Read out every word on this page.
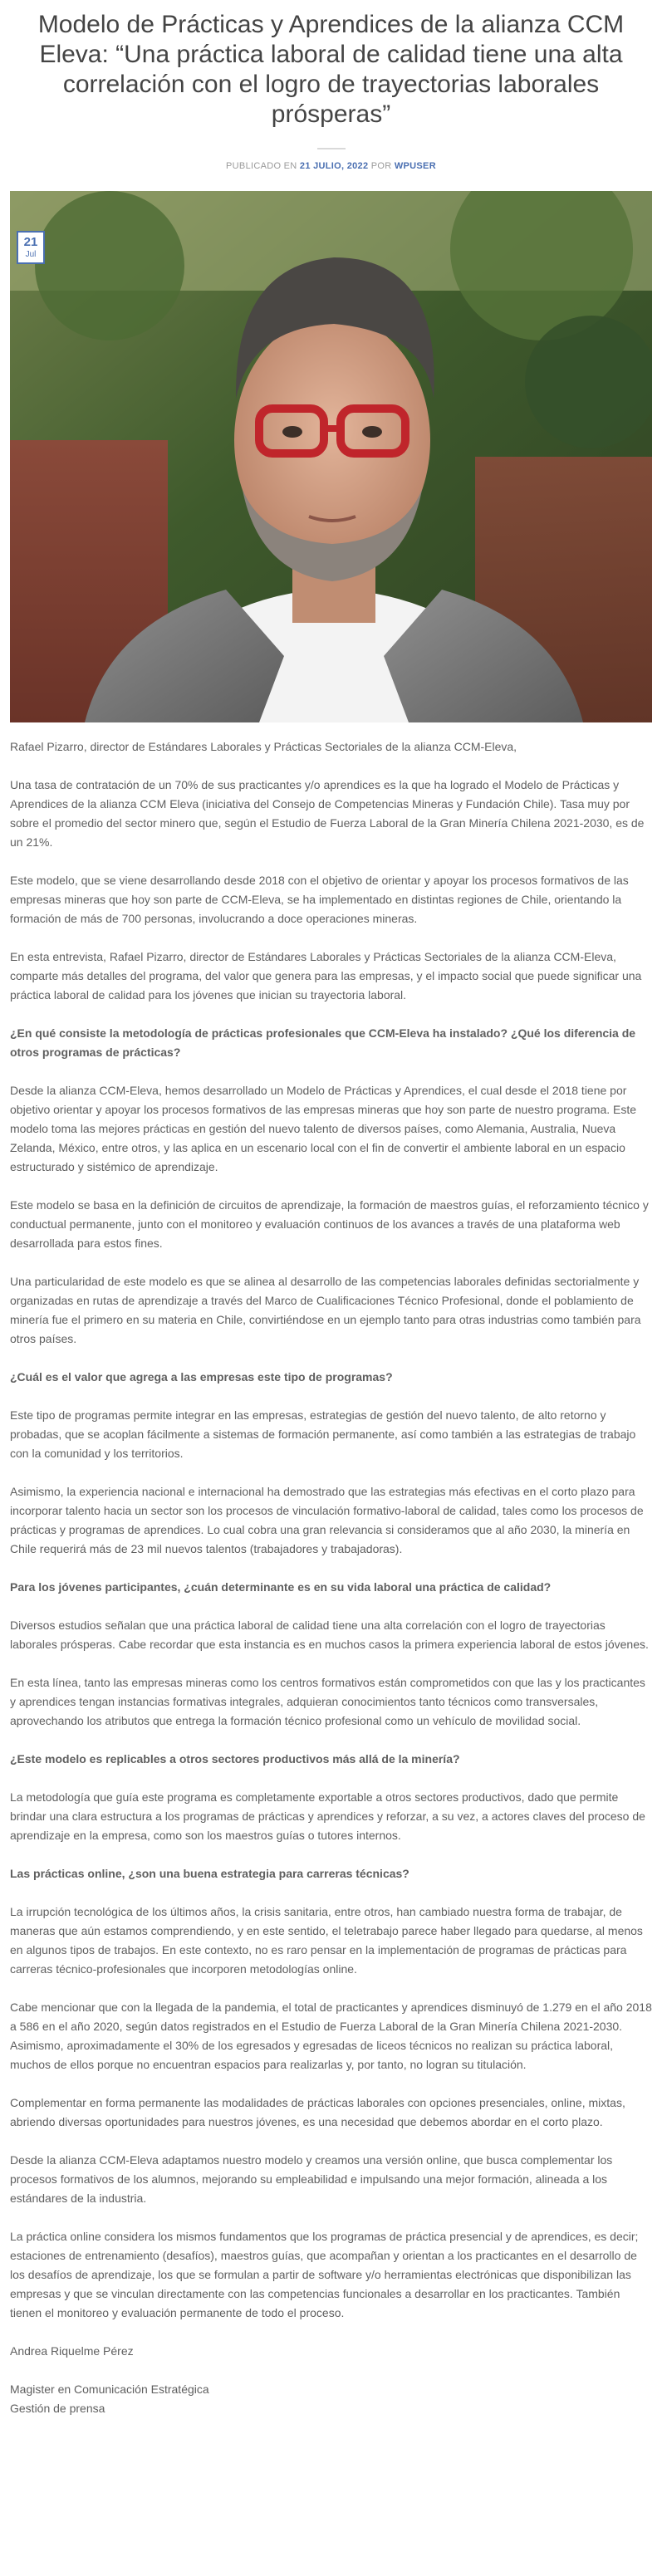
Modelo de Prácticas y Aprendices de la alianza CCM Eleva: “Una práctica laboral de calidad tiene una alta correlación con el logro de trayectorias laborales prósperas”
PUBLICADO EN 21 JULIO, 2022 POR WPUSER
21
Jul

Rafael Pizarro, director de Estándares Laborales y Prácticas Sectoriales de la alianza CCM-Eleva,

Una tasa de contratación de un 70% de sus practicantes y/o aprendices es la que ha logrado el Modelo de Prácticas y Aprendices de la alianza CCM Eleva (iniciativa del Consejo de Competencias Mineras y Fundación Chile). Tasa muy por sobre el promedio del sector minero que, según el Estudio de Fuerza Laboral de la Gran Minería Chilena 2021-2030, es de un 21%.

Este modelo, que se viene desarrollando desde 2018 con el objetivo de orientar y apoyar los procesos formativos de las empresas mineras que hoy son parte de CCM-Eleva, se ha implementado en distintas regiones de Chile, orientando la formación de más de 700 personas, involucrando a doce operaciones mineras.

En esta entrevista, Rafael Pizarro, director de Estándares Laborales y Prácticas Sectoriales de la alianza CCM-Eleva, comparte más detalles del programa, del valor que genera para las empresas, y el impacto social que puede significar una práctica laboral de calidad para los jóvenes que inician su trayectoria laboral.

¿En qué consiste la metodología de prácticas profesionales que CCM-Eleva ha instalado? ¿Qué los diferencia de otros programas de prácticas?

Desde la alianza CCM-Eleva, hemos desarrollado un Modelo de Prácticas y Aprendices, el cual desde el 2018 tiene por objetivo orientar y apoyar los procesos formativos de las empresas mineras que hoy son parte de nuestro programa. Este modelo toma las mejores prácticas en gestión del nuevo talento de diversos países, como Alemania, Australia, Nueva Zelanda, México, entre otros, y las aplica en un escenario local con el fin de convertir el ambiente laboral en un espacio estructurado y sistémico de aprendizaje.

Este modelo se basa en la definición de circuitos de aprendizaje, la formación de maestros guías, el reforzamiento técnico y conductual permanente, junto con el monitoreo y evaluación continuos de los avances a través de una plataforma web desarrollada para estos fines.

Una particularidad de este modelo es que se alinea al desarrollo de las competencias laborales definidas sectorialmente y organizadas en rutas de aprendizaje a través del Marco de Cualificaciones Técnico Profesional, donde el poblamiento de minería fue el primero en su materia en Chile, convirtiéndose en un ejemplo tanto para otras industrias como también para otros países.

¿Cuál es el valor que agrega a las empresas este tipo de programas?

Este tipo de programas permite integrar en las empresas, estrategias de gestión del nuevo talento, de alto retorno y probadas, que se acoplan fácilmente a sistemas de formación permanente, así como también a las estrategias de trabajo con la comunidad y los territorios.

Asimismo, la experiencia nacional e internacional ha demostrado que las estrategias más efectivas en el corto plazo para incorporar talento hacia un sector son los procesos de vinculación formativo-laboral de calidad, tales como los procesos de prácticas y programas de aprendices. Lo cual cobra una gran relevancia si consideramos que al año 2030, la minería en Chile requerirá más de 23 mil nuevos talentos (trabajadores y trabajadoras).

Para los jóvenes participantes, ¿cuán determinante es en su vida laboral una práctica de calidad?

Diversos estudios señalan que una práctica laboral de calidad tiene una alta correlación con el logro de trayectorias laborales prósperas. Cabe recordar que esta instancia es en muchos casos la primera experiencia laboral de estos jóvenes.

En esta línea, tanto las empresas mineras como los centros formativos están comprometidos con que las y los practicantes y aprendices tengan instancias formativas integrales, adquieran conocimientos tanto técnicos como transversales, aprovechando los atributos que entrega la formación técnico profesional como un vehículo de movilidad social.

¿Este modelo es replicables a otros sectores productivos más allá de la minería?

La metodología que guía este programa es completamente exportable a otros sectores productivos, dado que permite brindar una clara estructura a los programas de prácticas y aprendices y reforzar, a su vez, a actores claves del proceso de aprendizaje en la empresa, como son los maestros guías o tutores internos.

Las prácticas online, ¿son una buena estrategia para carreras técnicas?

La irrupción tecnológica de los últimos años, la crisis sanitaria, entre otros, han cambiado nuestra forma de trabajar, de maneras que aún estamos comprendiendo, y en este sentido, el teletrabajo parece haber llegado para quedarse, al menos en algunos tipos de trabajos. En este contexto, no es raro pensar en la implementación de programas de prácticas para carreras técnico-profesionales que incorporen metodologías online.

Cabe mencionar que con la llegada de la pandemia, el total de practicantes y aprendices disminuyó de 1.279 en el año 2018 a 586 en el año 2020, según datos registrados en el Estudio de Fuerza Laboral de la Gran Minería Chilena 2021-2030. Asimismo, aproximadamente el 30% de los egresados y egresadas de liceos técnicos no realizan su práctica laboral, muchos de ellos porque no encuentran espacios para realizarlas y, por tanto, no logran su titulación.

Complementar en forma permanente las modalidades de prácticas laborales con opciones presenciales, online, mixtas, abriendo diversas oportunidades para nuestros jóvenes, es una necesidad que debemos abordar en el corto plazo.

Desde la alianza CCM-Eleva adaptamos nuestro modelo y creamos una versión online, que busca complementar los procesos formativos de los alumnos, mejorando su empleabilidad e impulsando una mejor formación, alineada a los estándares de la industria.

La práctica online considera los mismos fundamentos que los programas de práctica presencial y de aprendices, es decir; estaciones de entrenamiento (desafíos), maestros guías, que acompañan y orientan a los practicantes en el desarrollo de los desafíos de aprendizaje, los que se formulan a partir de software y/o herramientas electrónicas que disponibilizan las empresas y que se vinculan directamente con las competencias funcionales a desarrollar en los practicantes. También tienen el monitoreo y evaluación permanente de todo el proceso.

Andrea Riquelme Pérez

Magister en Comunicación Estratégica

Gestión de prensa
